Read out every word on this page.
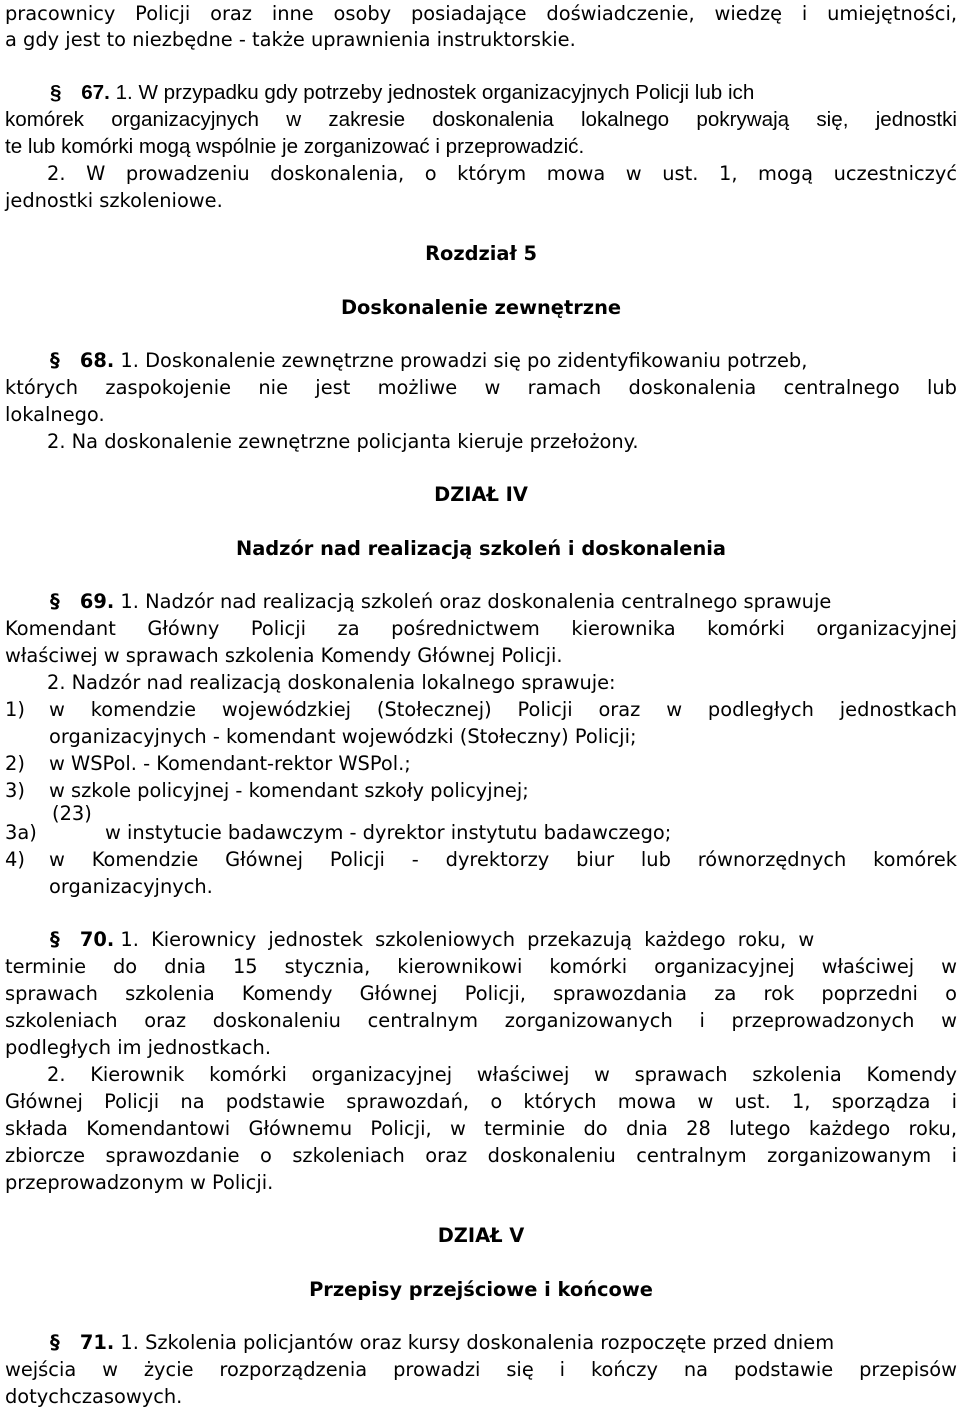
pracownicy Policji oraz inne osoby posiadające doświadczenie, wiedzę i umiejętności,
a gdy jest to niezbędne - także uprawnienia instruktorskie.
§ 67. 1. W przypadku gdy potrzeby jednostek organizacyjnych Policji lub ich
komórek organizacyjnych w zakresie doskonalenia lokalnego pokrywają się, jednostki
te lub komórki mogą wspólnie je zorganizować i przeprowadzić.
2. W prowadzeniu doskonalenia, o którym mowa w ust. 1, mogą uczestniczyć
jednostki szkoleniowe.
Rozdział 5
Doskonalenie zewnętrzne
§ 68. 1. Doskonalenie zewnętrzne prowadzi się po zidentyfikowaniu potrzeb,
których zaspokojenie nie jest możliwe w ramach doskonalenia centralnego lub
lokalnego.
2. Na doskonalenie zewnętrzne policjanta kieruje przełożony.
DZIAŁ IV
Nadzór nad realizacją szkoleń i doskonalenia
§ 69. 1. Nadzór nad realizacją szkoleń oraz doskonalenia centralnego sprawuje
Komendant Główny Policji za pośrednictwem kierownika komórki organizacyjnej
właściwej w sprawach szkolenia Komendy Głównej Policji.
2. Nadzór nad realizacją doskonalenia lokalnego sprawuje:
1) w komendzie wojewódzkiej (Stołecznej) Policji oraz w podległych jednostkach
organizacyjnych - komendant wojewódzki (Stołeczny) Policji;
2) w WSPol. - Komendant-rektor WSPol.;
3) w szkole policyjnej - komendant szkoły policyjnej;
3a)
(23)
w instytucie badawczym - dyrektor instytutu badawczego;
4) w Komendzie Głównej Policji - dyrektorzy biur lub równorzędnych komórek
organizacyjnych.
§ 70. 1. Kierownicy jednostek szkoleniowych przekazują każdego roku, w
terminie do dnia 15 stycznia, kierownikowi komórki organizacyjnej właściwej w
sprawach szkolenia Komendy Głównej Policji, sprawozdania za rok poprzedni o
szkoleniach oraz doskonaleniu centralnym zorganizowanych i przeprowadzonych w
podległych im jednostkach.
2. Kierownik komórki organizacyjnej właściwej w sprawach szkolenia Komendy
Głównej Policji na podstawie sprawozdań, o których mowa w ust. 1, sporządza i
składa Komendantowi Głównemu Policji, w terminie do dnia 28 lutego każdego roku,
zbiorcze sprawozdanie o szkoleniach oraz doskonaleniu centralnym zorganizowanym i
przeprowadzonym w Policji.
DZIAŁ V
Przepisy przejściowe i końcowe
§ 71. 1. Szkolenia policjantów oraz kursy doskonalenia rozpoczęte przed dniem
wejścia w życie rozporządzenia prowadzi się i kończy na podstawie przepisów
dotychczasowych.
